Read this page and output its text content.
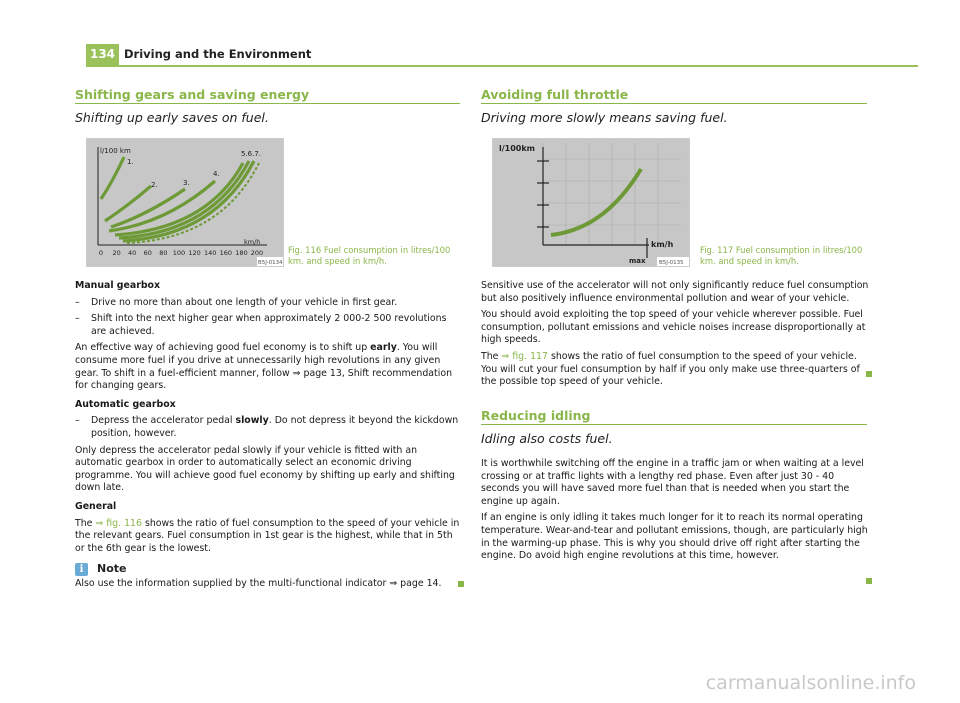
134 Driving and the Environment
Shifting gears and saving energy
Shifting up early saves on fuel.
l/100 km
1.
2.	3.
4.
5.6.7.
km/h
0 20 40 60 80 100 120 140 160 180 200
B5J-0134
Fig. 116 Fuel consumption in litres/100 km. and speed in km/h.

Manual gearbox

– Drive no more than about one length of your vehicle in first gear.
– Shift into the next higher gear when approximately 2 000-2 500 revolutions are achieved.

An effective way of achieving good fuel economy is to shift up early. You will consume more fuel if you drive at unnecessarily high revolutions in any given gear. To shift in a fuel-efficient manner, follow ⇒ page 13, Shift recommendation for changing gears.

Automatic gearbox

– Depress the accelerator pedal slowly. Do not depress it beyond the kickdown position, however.

Only depress the accelerator pedal slowly if your vehicle is fitted with an automatic gearbox in order to automatically select an economic driving programme. You will achieve good fuel economy by shifting up early and shifting down late.

General

The ⇒ fig. 116 shows the ratio of fuel consumption to the speed of your vehicle in the relevant gears. Fuel consumption in 1st gear is the highest, while that in 5th or the 6th gear is the lowest.

i	Note
Also use the information supplied by the multi-functional indicator ⇒ page 14.
Avoiding full throttle
Driving more slowly means saving fuel.
l/100km
km/h
max B5J-0135
Fig. 117 Fuel consumption in litres/100 km. and speed in km/h.

Sensitive use of the accelerator will not only significantly reduce fuel consumption but also positively influence environmental pollution and wear of your vehicle.

You should avoid exploiting the top speed of your vehicle wherever possible. Fuel consumption, pollutant emissions and vehicle noises increase disproportionally at high speeds.

The ⇒ fig. 117 shows the ratio of fuel consumption to the speed of your vehicle. You will cut your fuel consumption by half if you only make use three-quarters of the possible top speed of your vehicle.

Reducing idling
Idling also costs fuel.

It is worthwhile switching off the engine in a traffic jam or when waiting at a level crossing or at traffic lights with a lengthy red phase. Even after just 30 - 40 seconds you will have saved more fuel than that is needed when you start the engine up again.

If an engine is only idling it takes much longer for it to reach its normal operating temperature. Wear-and-tear and pollutant emissions, though, are particularly high in the warming-up phase. This is why you should drive off right after starting the engine. Do avoid high engine revolutions at this time, however.

carmanualsonline.info
